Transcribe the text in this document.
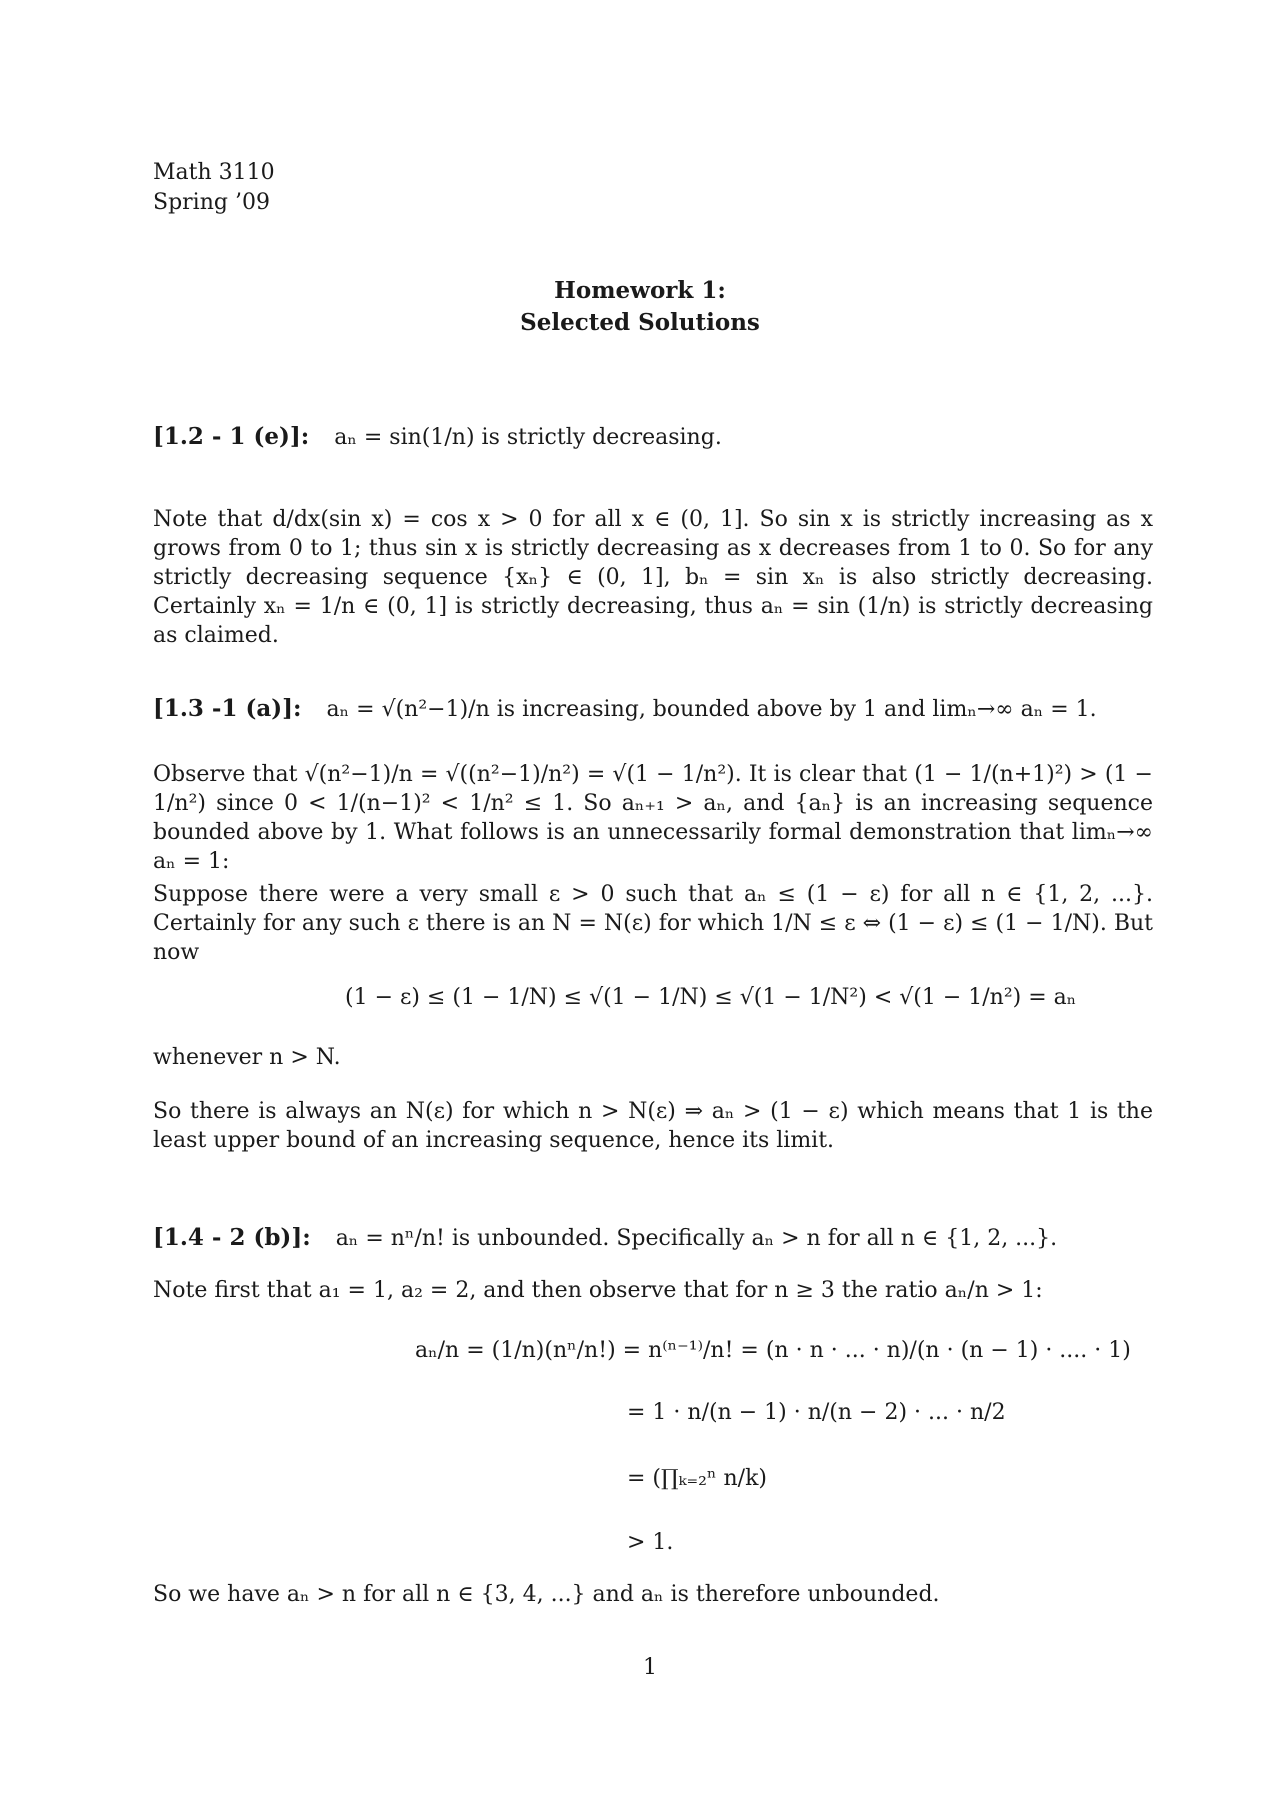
Math 3110
Spring ’09
Homework 1:
Selected Solutions
[1.2 - 1 (e)]: aₙ = sin(1/n) is strictly decreasing.
Note that d/dx(sin x) = cos x > 0 for all x ∈ (0, 1]. So sin x is strictly increasing as x grows from 0 to 1; thus sin x is strictly decreasing as x decreases from 1 to 0. So for any strictly decreasing sequence {xₙ} ∈ (0, 1], bₙ = sin xₙ is also strictly decreasing. Certainly xₙ = 1/n ∈ (0, 1] is strictly decreasing, thus aₙ = sin (1/n) is strictly decreasing as claimed.
[1.3 -1 (a)]: aₙ = √(n²−1)/n is increasing, bounded above by 1 and limₙ→∞ aₙ = 1.
Observe that √(n²−1)/n = √((n²−1)/n²) = √(1 − 1/n²). It is clear that (1 − 1/(n+1)²) > (1 − 1/n²) since 0 < 1/(n−1)² < 1/n² ≤ 1. So aₙ₊₁ > aₙ, and {aₙ} is an increasing sequence bounded above by 1. What follows is an unnecessarily formal demonstration that limₙ→∞ aₙ = 1:
Suppose there were a very small ε > 0 such that aₙ ≤ (1 − ε) for all n ∈ {1, 2, ...}. Certainly for any such ε there is an N = N(ε) for which 1/N ≤ ε ⇔ (1 − ε) ≤ (1 − 1/N). But now
(1 − ε) ≤ (1 − 1/N) ≤ √(1 − 1/N) ≤ √(1 − 1/N²) < √(1 − 1/n²) = aₙ
whenever n > N.
So there is always an N(ε) for which n > N(ε) ⇒ aₙ > (1 − ε) which means that 1 is the least upper bound of an increasing sequence, hence its limit.
[1.4 - 2 (b)]: aₙ = nⁿ/n! is unbounded. Specifically aₙ > n for all n ∈ {1, 2, ...}.
Note first that a₁ = 1, a₂ = 2, and then observe that for n ≥ 3 the ratio aₙ/n > 1:
aₙ/n = (1/n)(nⁿ/n!) = n⁽ⁿ⁻¹⁾/n! = (n · n · ... · n)/(n · (n − 1) · .... · 1)
= 1 · n/(n − 1) · n/(n − 2) · ... · n/2
= (∏ₖ₌₂ⁿ n/k)
> 1.
So we have aₙ > n for all n ∈ {3, 4, ...} and aₙ is therefore unbounded.
1
